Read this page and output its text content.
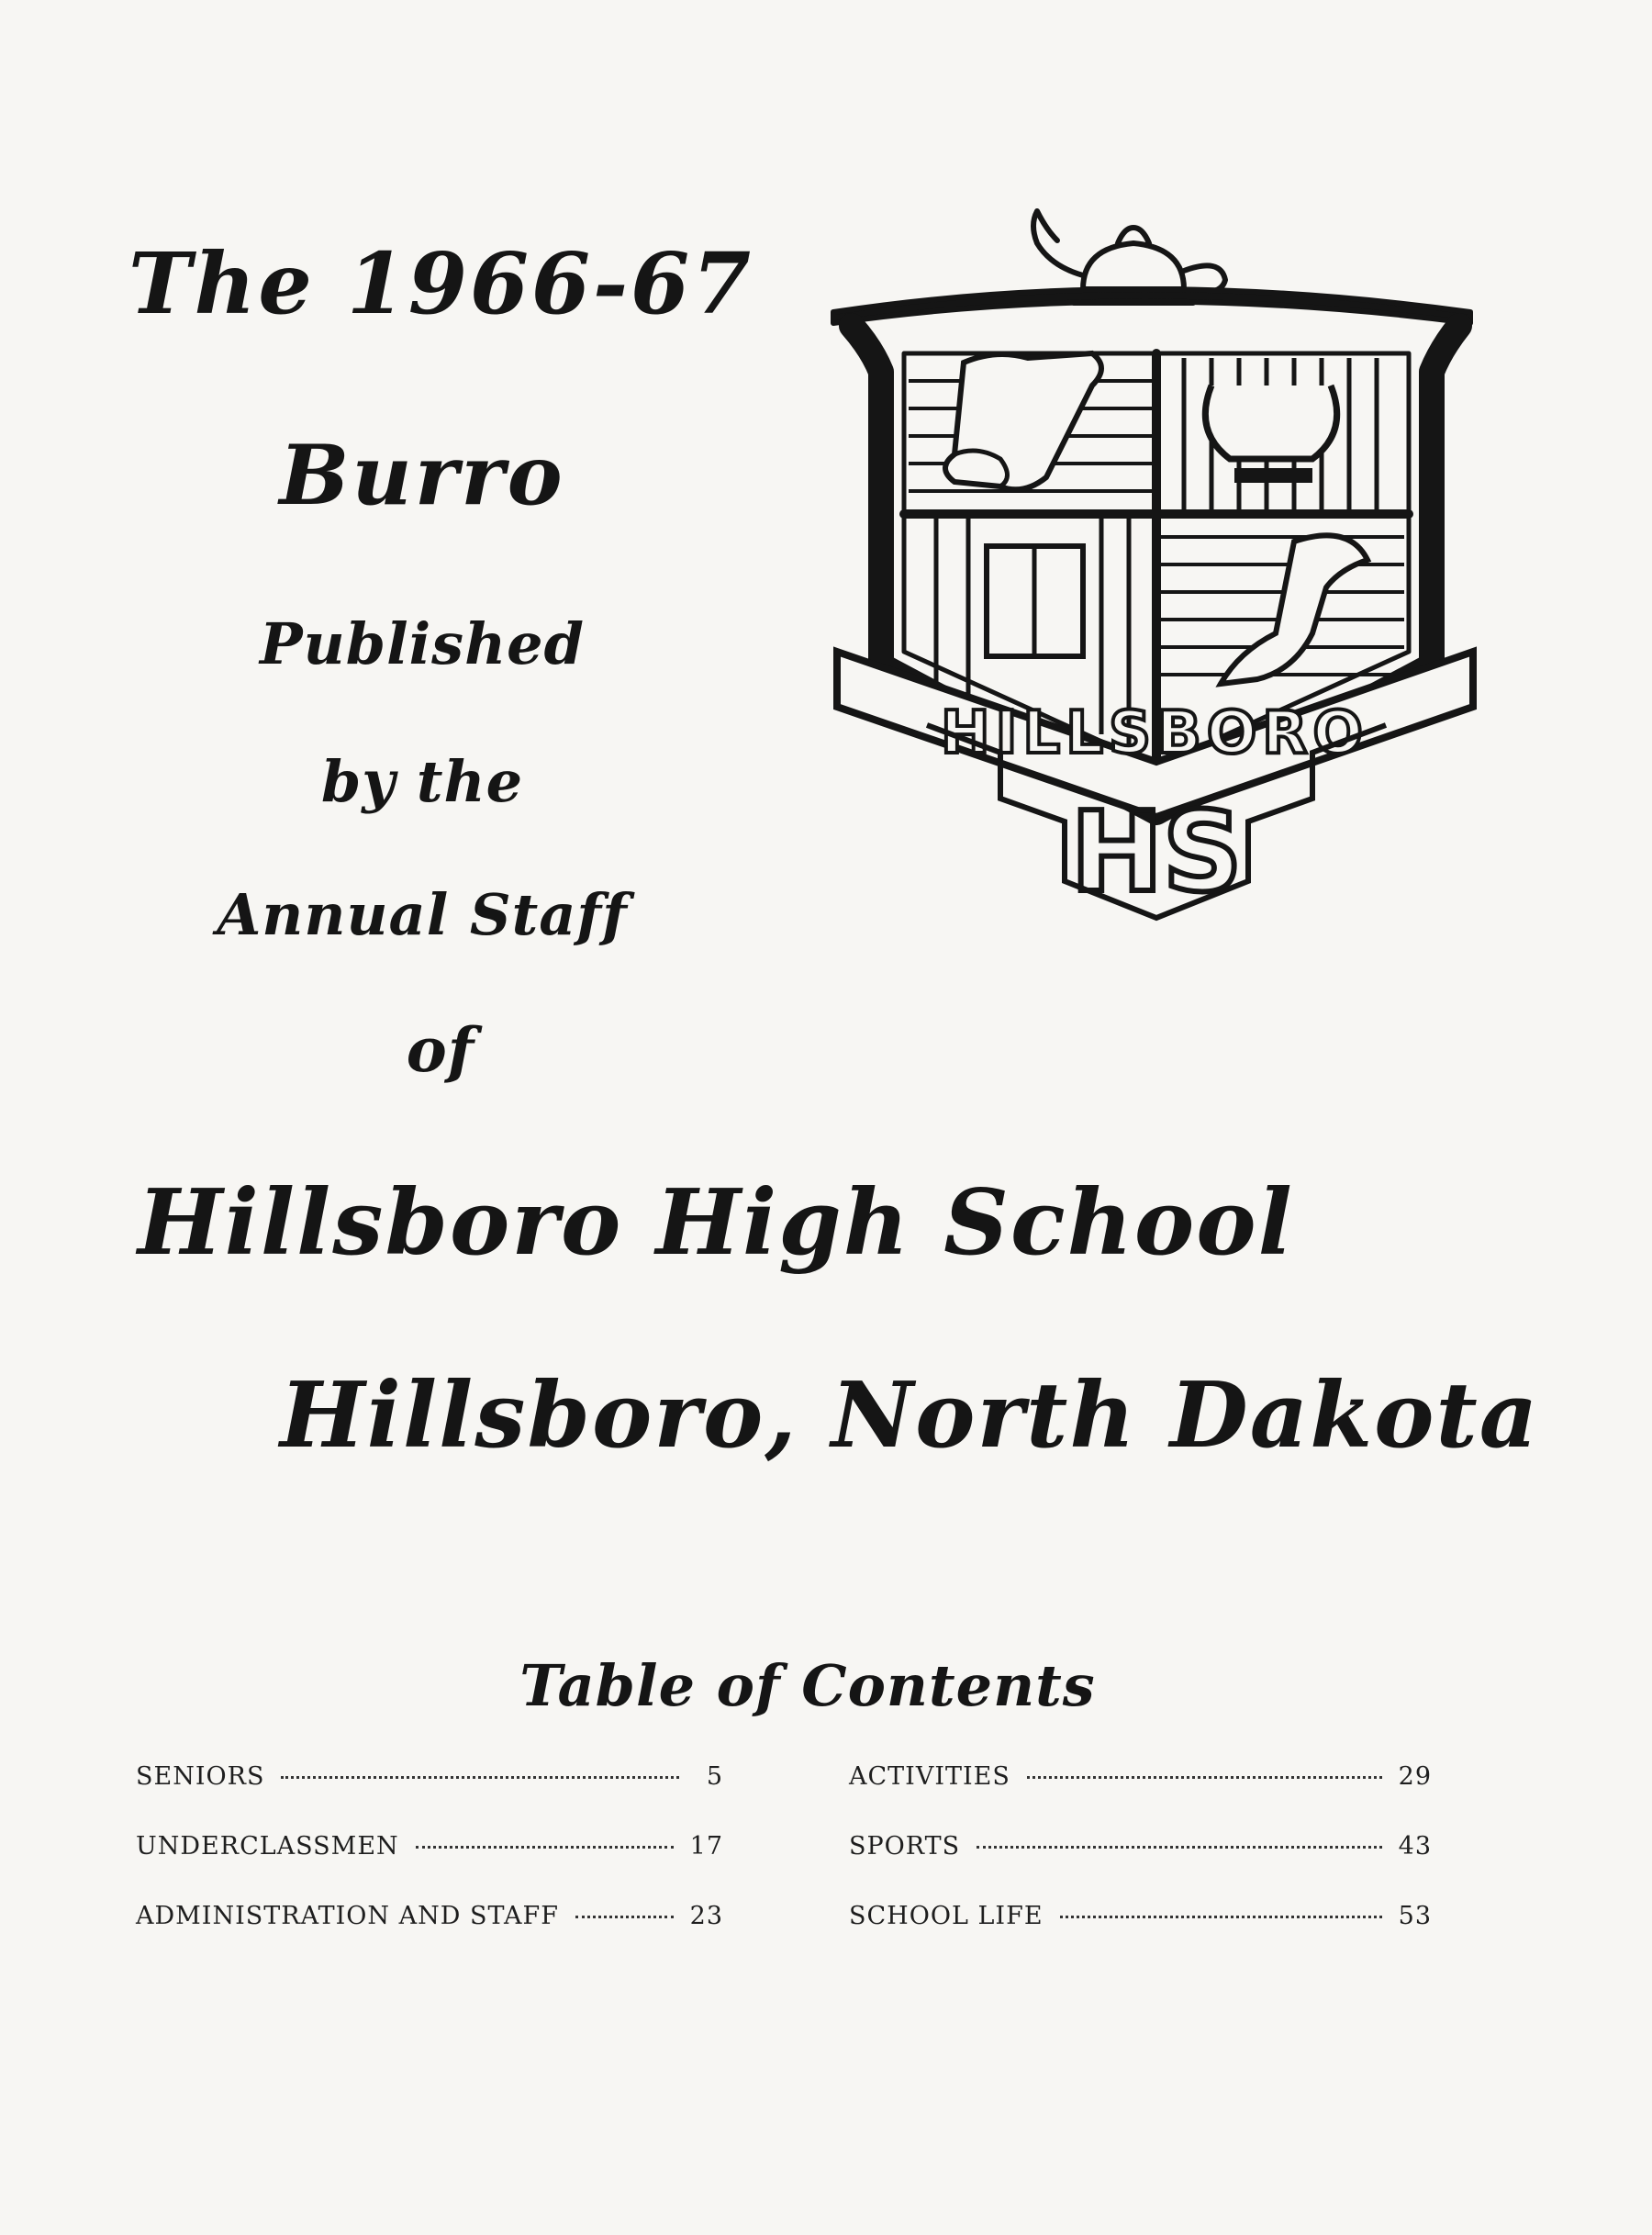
The 1966-67
Burro
Published
by the
Annual Staff
of
HILLSBORO
HS
Hillsboro High School
Hillsboro, North Dakota
Table of Contents
SENIORS	5
UNDERCLASSMEN	17
ADMINISTRATION AND STAFF	23
ACTIVITIES	29
SPORTS	43
SCHOOL LIFE	53
